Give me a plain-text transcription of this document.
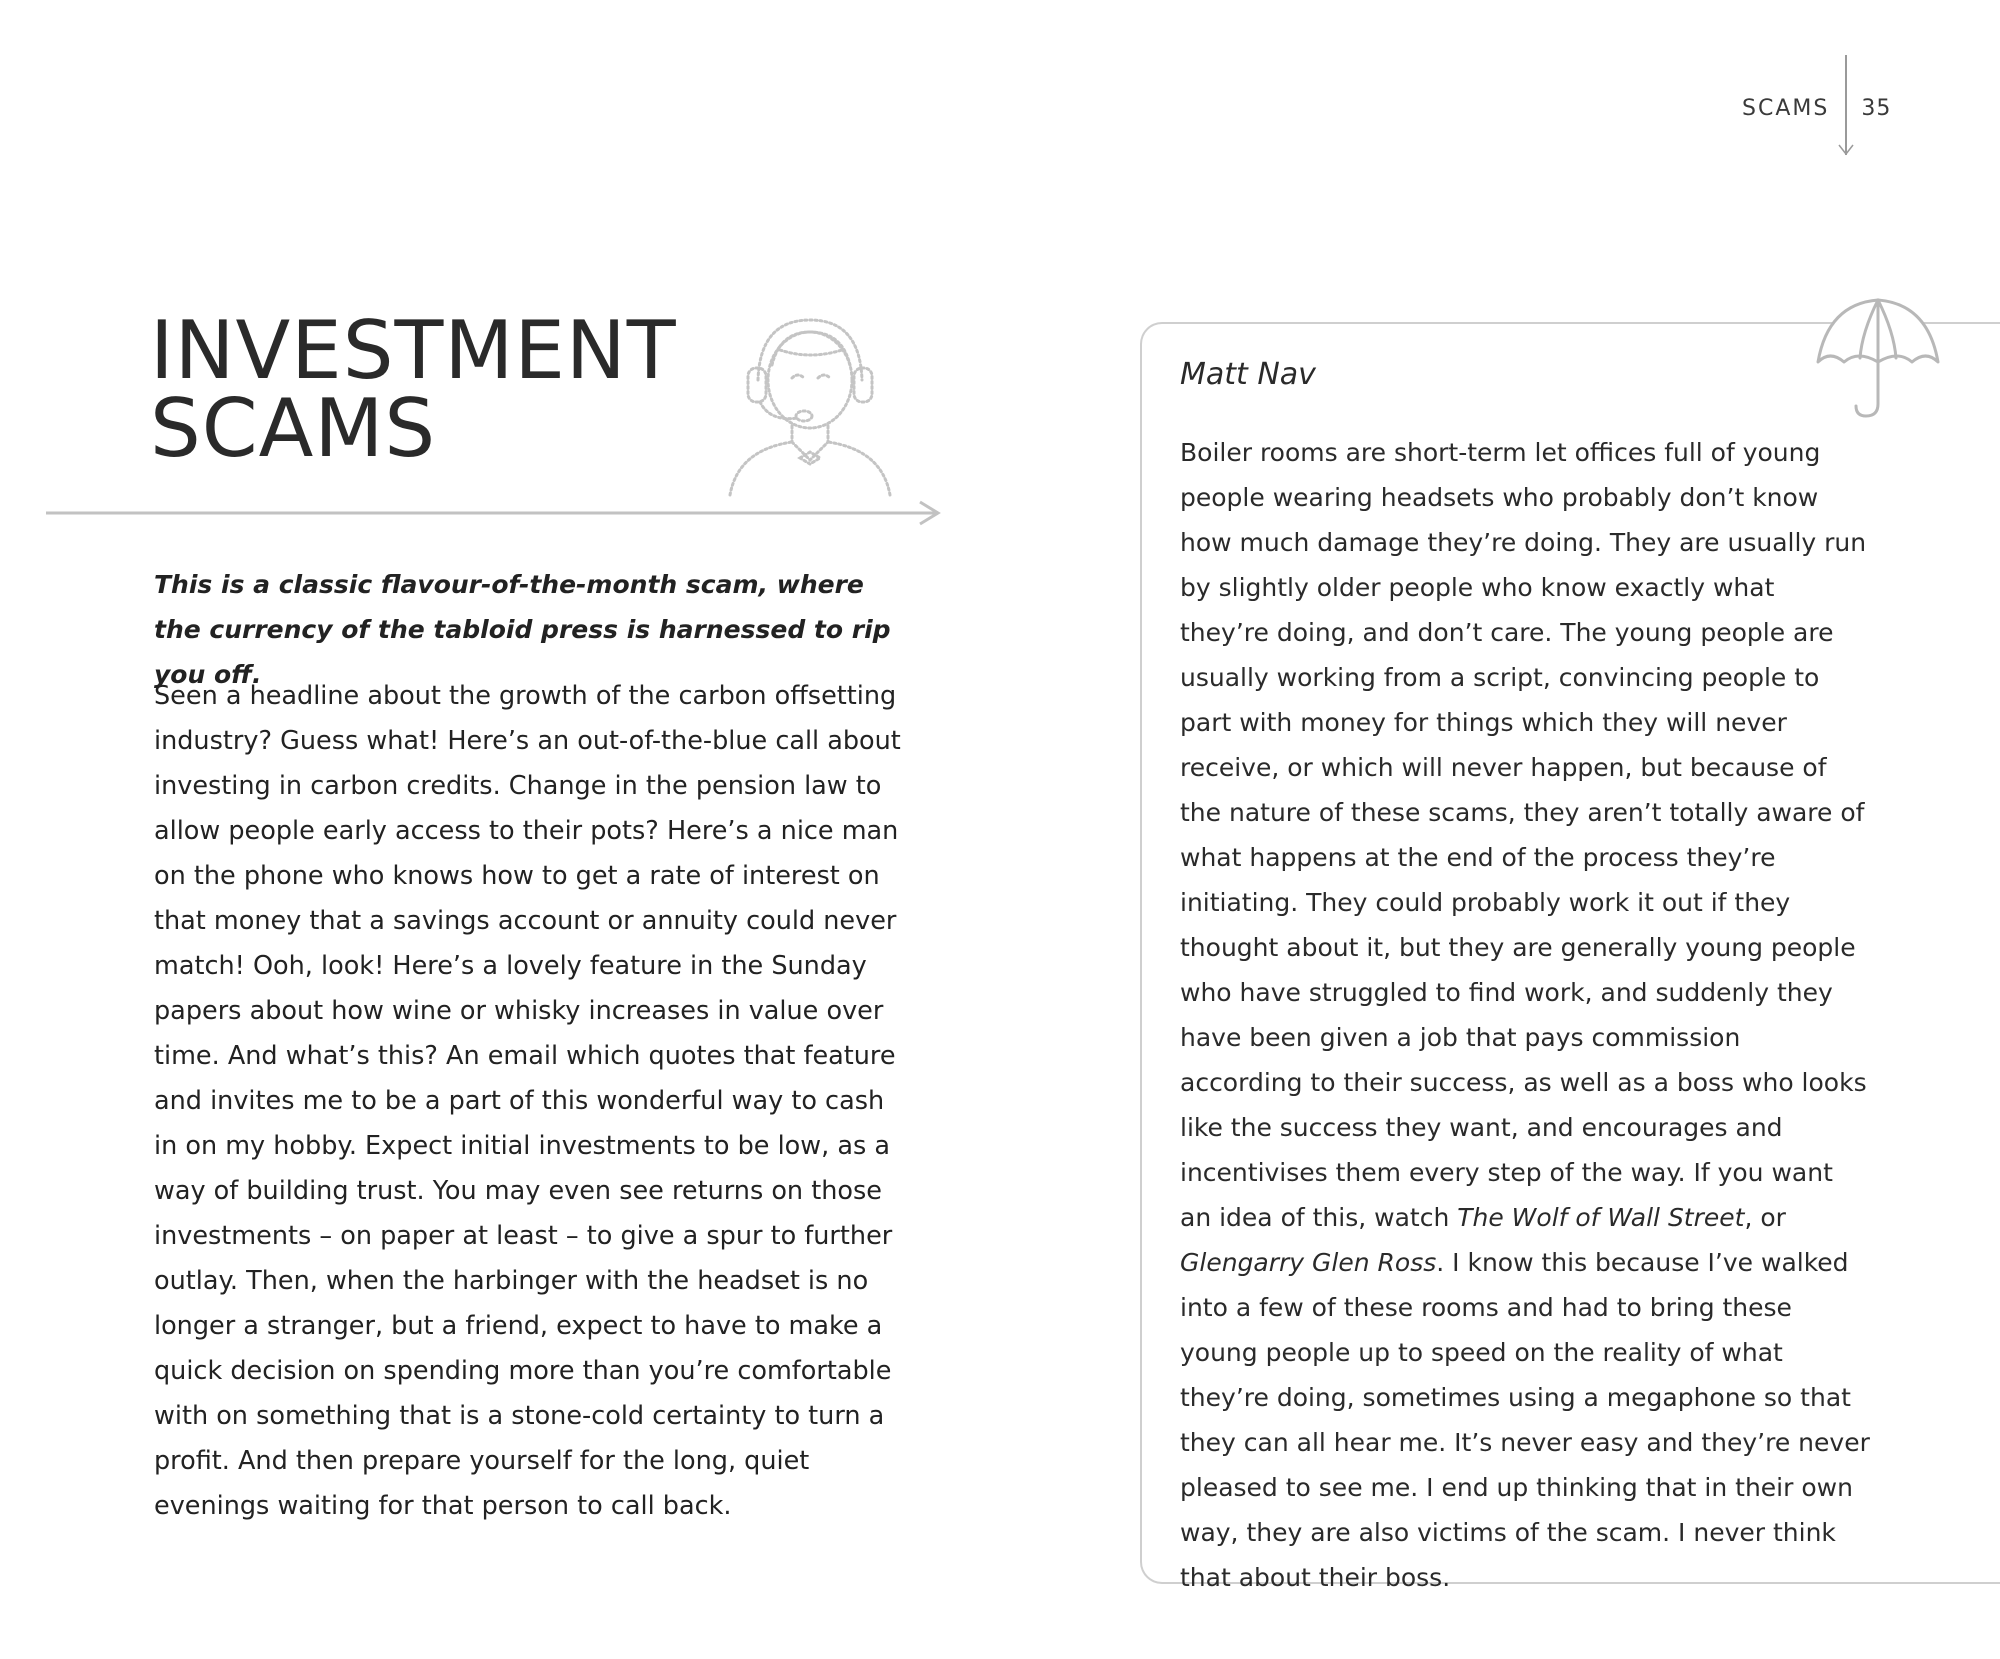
SCAMS	35
INVESTMENT
SCAMS

This is a classic flavour-of-the-month scam, where the currency of the tabloid press is harnessed to rip you off.

Seen a headline about the growth of the carbon offsetting industry? Guess what! Here’s an out-of-the-blue call about investing in carbon credits. Change in the pension law to allow people early access to their pots? Here’s a nice man on the phone who knows how to get a rate of interest on that money that a savings account or annuity could never match! Ooh, look! Here’s a lovely feature in the Sunday papers about how wine or whisky increases in value over time. And what’s this? An email which quotes that feature and invites me to be a part of this wonderful way to cash in on my hobby. Expect initial investments to be low, as a way of building trust. You may even see returns on those investments – on paper at least – to give a spur to further outlay. Then, when the harbinger with the headset is no longer a stranger, but a friend, expect to have to make a quick decision on spending more than you’re comfortable with on something that is a stone-cold certainty to turn a profit. And then prepare yourself for the long, quiet evenings waiting for that person to call back.

Matt Nav

Boiler rooms are short-term let offices full of young people wearing headsets who probably don’t know how much damage they’re doing. They are usually run by slightly older people who know exactly what they’re doing, and don’t care. The young people are usually working from a script, convincing people to part with money for things which they will never receive, or which will never happen, but because of the nature of these scams, they aren’t totally aware of what happens at the end of the process they’re initiating. They could probably work it out if they thought about it, but they are generally young people who have struggled to find work, and suddenly they have been given a job that pays commission according to their success, as well as a boss who looks like the success they want, and encourages and incentivises them every step of the way. If you want an idea of this, watch The Wolf of Wall Street, or Glengarry Glen Ross. I know this because I’ve walked into a few of these rooms and had to bring these young people up to speed on the reality of what they’re doing, sometimes using a megaphone so that they can all hear me. It’s never easy and they’re never pleased to see me. I end up thinking that in their own way, they are also victims of the scam. I never think that about their boss.
